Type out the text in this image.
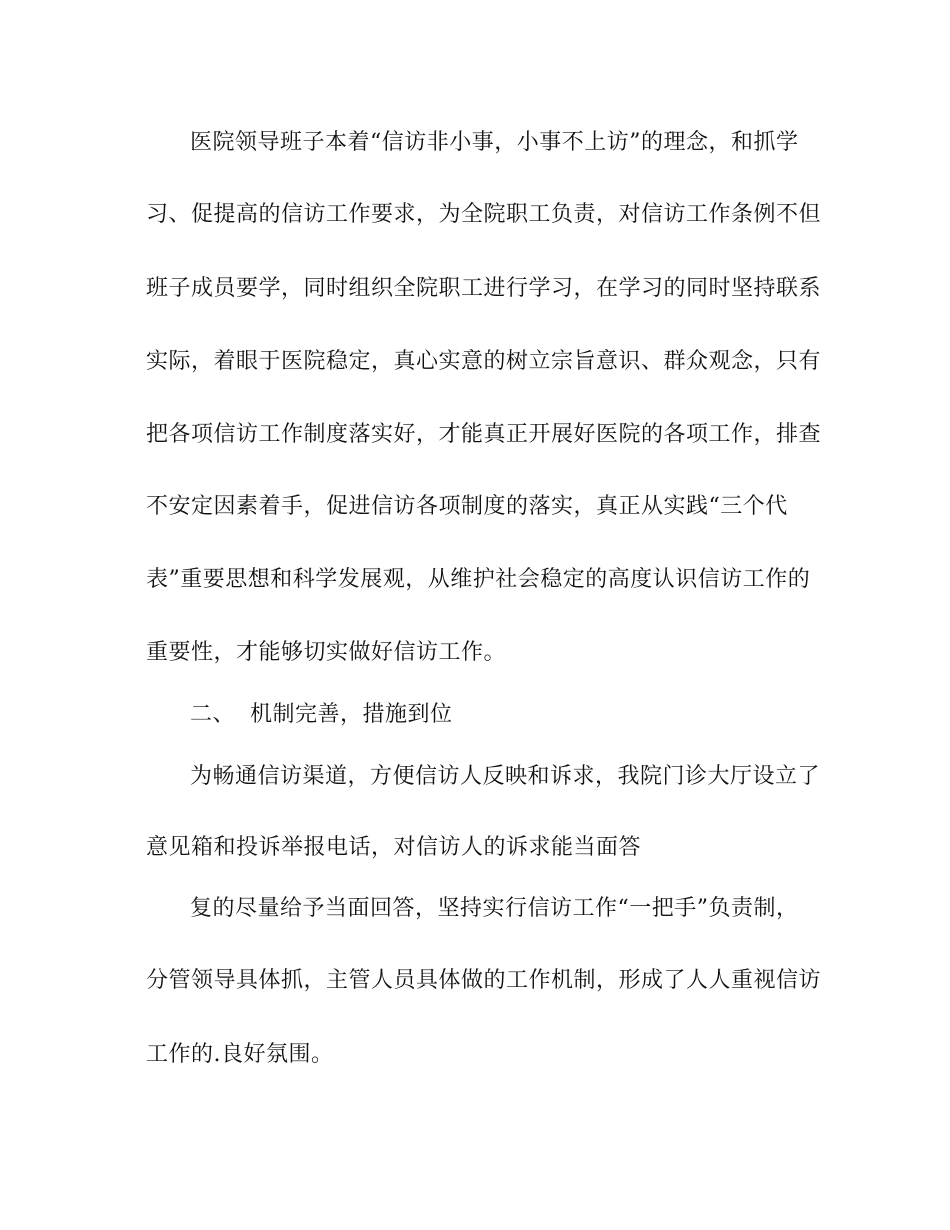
医院领导班子本着“信访非小事，小事不上访”的理念，和抓学
习、促提高的信访工作要求，为全院职工负责，对信访工作条例不但
班子成员要学，同时组织全院职工进行学习，在学习的同时坚持联系
实际，着眼于医院稳定，真心实意的树立宗旨意识、群众观念，只有
把各项信访工作制度落实好，才能真正开展好医院的各项工作，排查
不安定因素着手，促进信访各项制度的落实，真正从实践“三个代
表”重要思想和科学发展观，从维护社会稳定的高度认识信访工作的
重要性，才能够切实做好信访工作。
二、  机制完善，措施到位
为畅通信访渠道，方便信访人反映和诉求，我院门诊大厅设立了
意见箱和投诉举报电话，对信访人的诉求能当面答
复的尽量给予当面回答，坚持实行信访工作“一把手”负责制，
分管领导具体抓，主管人员具体做的工作机制，形成了人人重视信访
工作的.良好氛围。
